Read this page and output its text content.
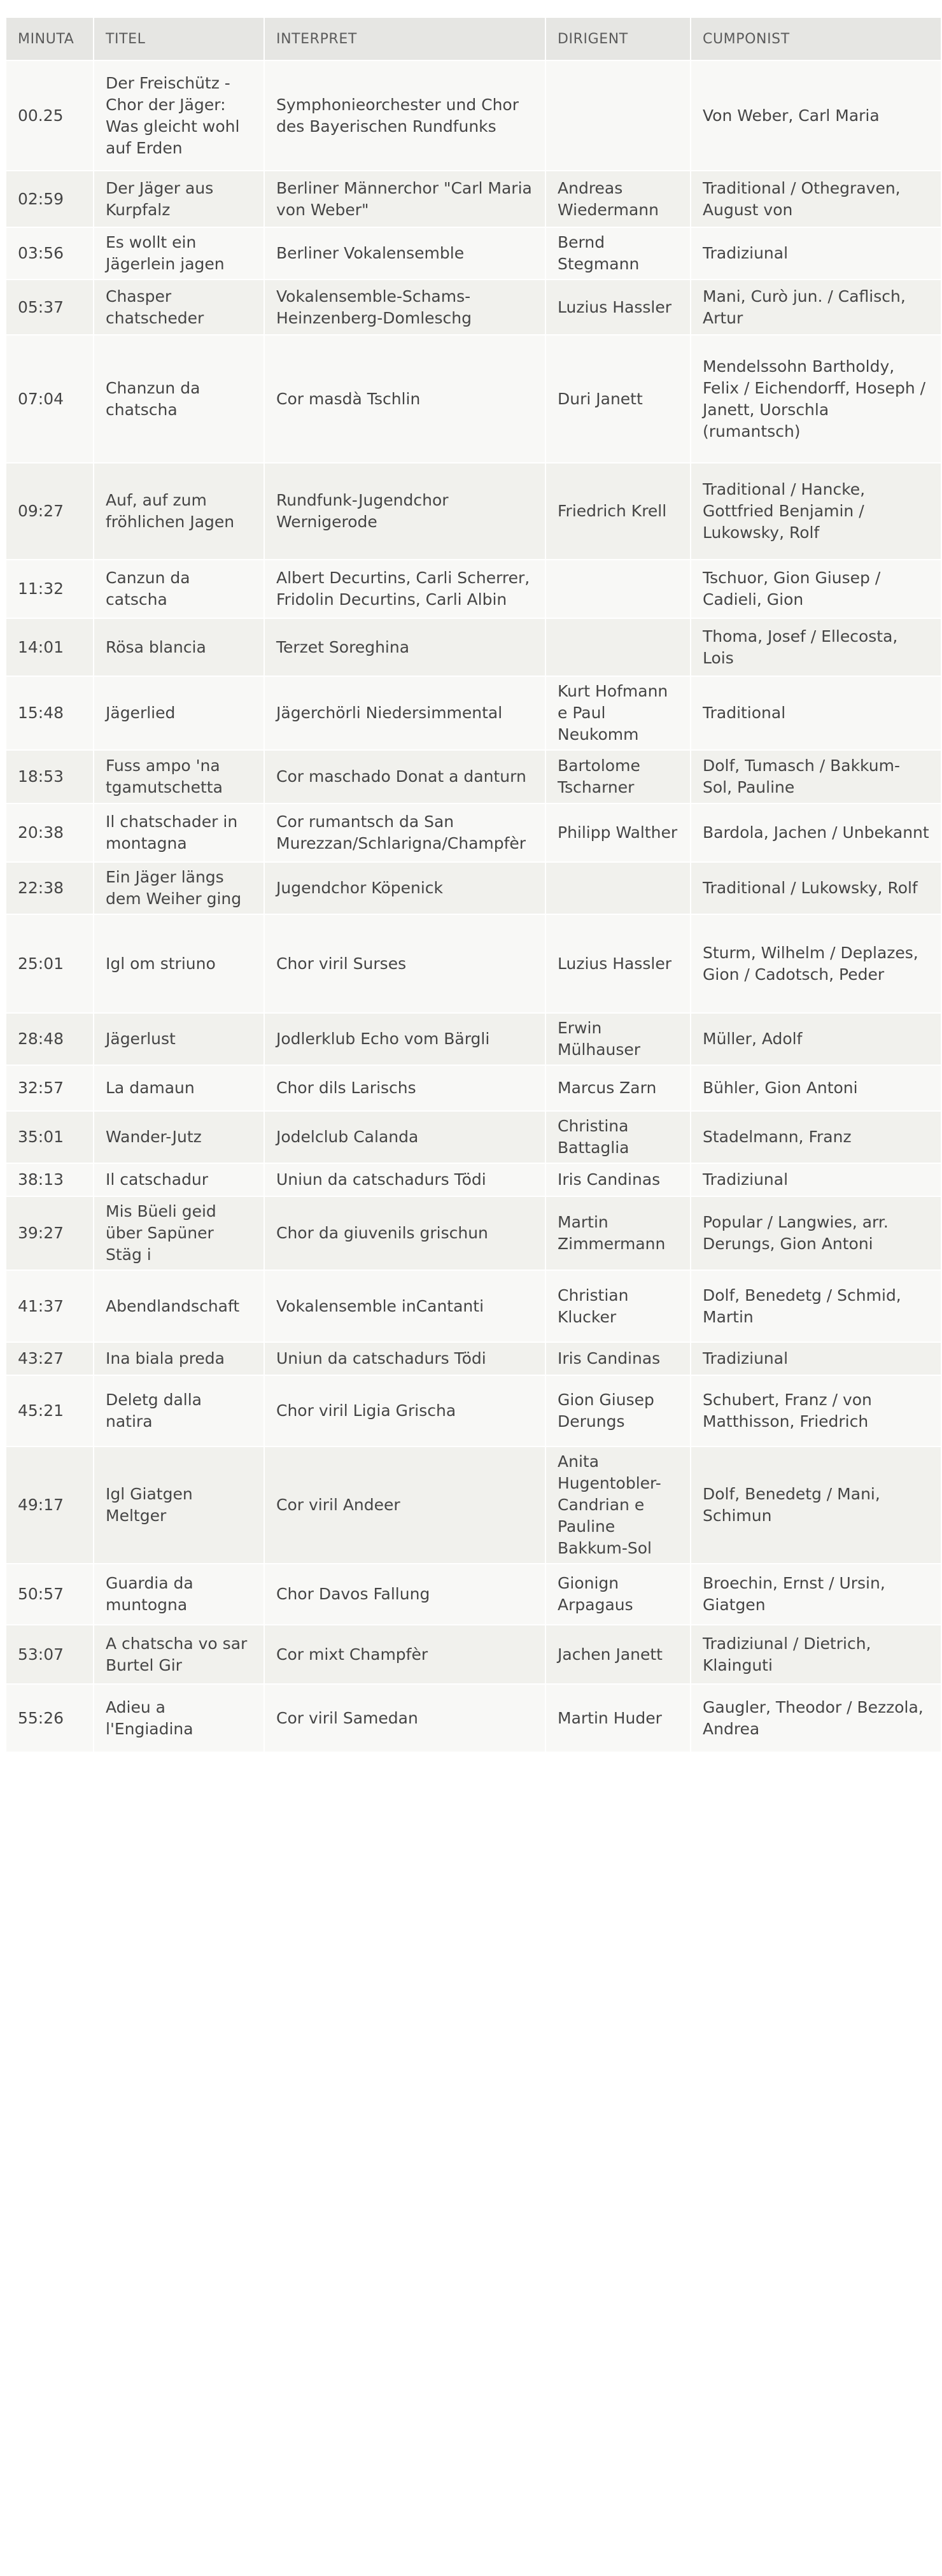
MINUTA	TITEL	INTERPRET	DIRIGENT	CUMPONIST
00.25	Der Freischütz - Chor der Jäger: Was gleicht wohl auf Erden	Symphonieorchester und Chor des Bayerischen Rundfunks		Von Weber, Carl Maria
02:59	Der Jäger aus Kurpfalz	Berliner Männerchor "Carl Maria von Weber"	Andreas Wiedermann	Traditional / Othegraven, August von
03:56	Es wollt ein Jägerlein jagen	Berliner Vokalensemble	Bernd Stegmann	Tradiziunal
05:37	Chasper chatscheder	Vokalensemble-Schams-Heinzenberg-Domleschg	Luzius Hassler	Mani, Curò jun. / Caflisch, Artur
07:04	Chanzun da chatscha	Cor masdà Tschlin	Duri Janett	Mendelssohn Bartholdy, Felix / Eichendorff, Hoseph / Janett, Uorschla (rumantsch)
09:27	Auf, auf zum fröhlichen Jagen	Rundfunk-Jugendchor Wernigerode	Friedrich Krell	Traditional / Hancke, Gottfried Benjamin / Lukowsky, Rolf
11:32	Canzun da catscha	Albert Decurtins, Carli Scherrer, Fridolin Decurtins, Carli Albin		Tschuor, Gion Giusep / Cadieli, Gion
14:01	Rösa blancia	Terzet Soreghina		Thoma, Josef / Ellecosta, Lois
15:48	Jägerlied	Jägerchörli Niedersimmental	Kurt Hofmann e Paul Neukomm	Traditional
18:53	Fuss ampo 'na tgamutschetta	Cor maschado Donat a danturn	Bartolome Tscharner	Dolf, Tumasch / Bakkum-Sol, Pauline
20:38	Il chatschader in montagna	Cor rumantsch da San Murezzan/Schlarigna/Champfèr	Philipp Walther	Bardola, Jachen / Unbekannt
22:38	Ein Jäger längs dem Weiher ging	Jugendchor Köpenick		Traditional / Lukowsky, Rolf
25:01	Igl om striuno	Chor viril Surses	Luzius Hassler	Sturm, Wilhelm / Deplazes, Gion / Cadotsch, Peder
28:48	Jägerlust	Jodlerklub Echo vom Bärgli	Erwin Mülhauser	Müller, Adolf
32:57	La damaun	Chor dils Larischs	Marcus Zarn	Bühler, Gion Antoni
35:01	Wander-Jutz	Jodelclub Calanda	Christina Battaglia	Stadelmann, Franz
38:13	Il catschadur	Uniun da catschadurs Tödi	Iris Candinas	Tradiziunal
39:27	Mis Büeli geid über Sapüner Stäg i	Chor da giuvenils grischun	Martin Zimmermann	Popular / Langwies, arr. Derungs, Gion Antoni
41:37	Abendlandschaft	Vokalensemble inCantanti	Christian Klucker	Dolf, Benedetg / Schmid, Martin
43:27	Ina biala preda	Uniun da catschadurs Tödi	Iris Candinas	Tradiziunal
45:21	Deletg dalla natira	Chor viril Ligia Grischa	Gion Giusep Derungs	Schubert, Franz / von Matthisson, Friedrich
49:17	Igl Giatgen Meltger	Cor viril Andeer	Anita Hugentobler-Candrian e Pauline Bakkum-Sol	Dolf, Benedetg / Mani, Schimun
50:57	Guardia da muntogna	Chor Davos Fallung	Gionign Arpagaus	Broechin, Ernst / Ursin, Giatgen
53:07	A chatscha vo sar Burtel Gir	Cor mixt Champfèr	Jachen Janett	Tradiziunal / Dietrich, Klainguti
55:26	Adieu a l'Engiadina	Cor viril Samedan	Martin Huder	Gaugler, Theodor / Bezzola, Andrea
